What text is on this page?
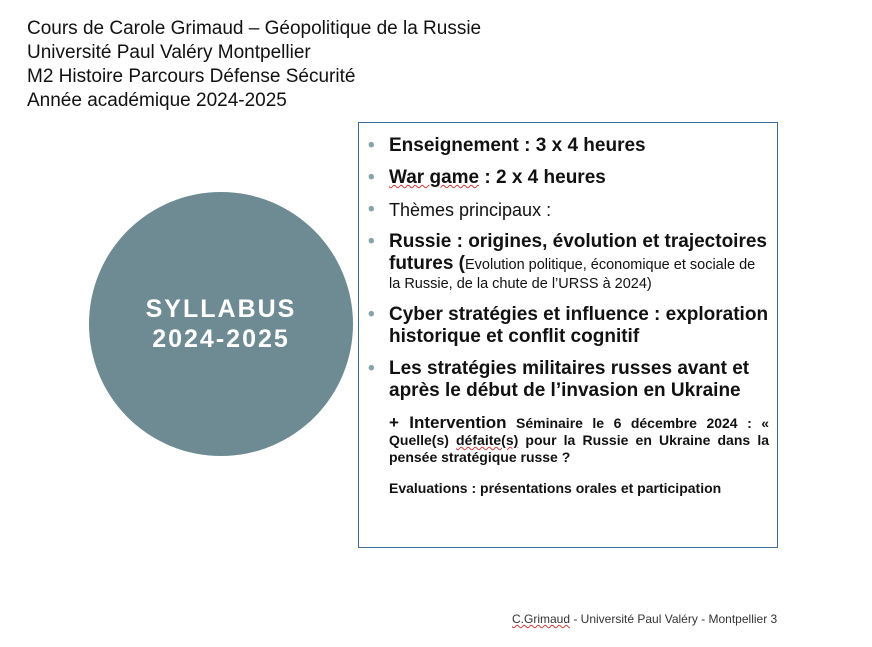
Cours de Carole Grimaud – Géopolitique de la Russie
Université Paul Valéry Montpellier
M2 Histoire Parcours Défense Sécurité
Année académique 2024-2025
SYLLABUS
2024-2025
• Enseignement : 3 x 4 heures
• War game : 2 x 4 heures
• Thèmes principaux :
• Russie : origines, évolution et trajectoires futures (Evolution politique, économique et sociale de la Russie, de la chute de l’URSS à 2024)
• Cyber stratégies et influence : exploration historique et conflit cognitif
• Les stratégies militaires russes avant et après le début de l’invasion en Ukraine
+ Intervention Séminaire le 6 décembre 2024 : « Quelle(s) défaite(s) pour la Russie en Ukraine dans la pensée stratégique russe ?
Evaluations : présentations orales et participation
C.Grimaud - Université Paul Valéry - Montpellier 3
